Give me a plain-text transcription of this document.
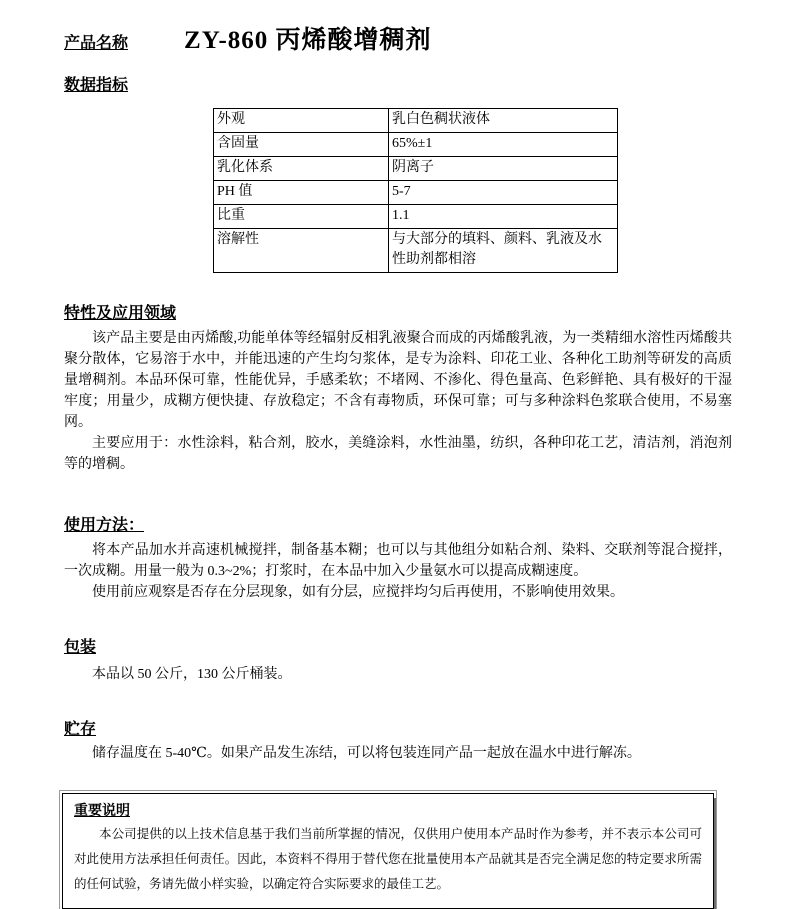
产品名称 ZY-860 丙烯酸增稠剂
数据指标
外观	乳白色稠状液体
含固量	65%±1
乳化体系	阴离子
PH 值	5-7
比重	1.1
溶解性	与大部分的填料、颜料、乳液及水性助剂都相溶
特性及应用领域

该产品主要是由丙烯酸,功能单体等经辐射反相乳液聚合而成的丙烯酸乳液，为一类精细水溶性丙烯酸共聚分散体，它易溶于水中，并能迅速的产生均匀浆体，是专为涂料、印花工业、各种化工助剂等研发的高质量增稠剂。本品环保可靠，性能优异，手感柔软；不堵网、不渗化、得色量高、色彩鲜艳、具有极好的干湿牢度；用量少，成糊方便快捷、存放稳定；不含有毒物质，环保可靠；可与多种涂料色浆联合使用，不易塞网。

主要应用于：水性涂料，粘合剂，胶水，美缝涂料，水性油墨，纺织，各种印花工艺，清洁剂，消泡剂等的增稠。

使用方法：

将本产品加水并高速机械搅拌，制备基本糊；也可以与其他组分如粘合剂、染料、交联剂等混合搅拌，一次成糊。用量一般为 0.3~2%；打浆时，在本品中加入少量氨水可以提高成糊速度。

使用前应观察是否存在分层现象，如有分层，应搅拌均匀后再使用，不影响使用效果。

包装

本品以 50 公斤，130 公斤桶装。

贮存

储存温度在 5-40℃。如果产品发生冻结，可以将包装连同产品一起放在温水中进行解冻。

重要说明

本公司提供的以上技术信息基于我们当前所掌握的情况，仅供用户使用本产品时作为参考，并不表示本公司可对此使用方法承担任何责任。因此，本资料不得用于替代您在批量使用本产品就其是否完全满足您的特定要求所需的任何试验，务请先做小样实验，以确定符合实际要求的最佳工艺。
